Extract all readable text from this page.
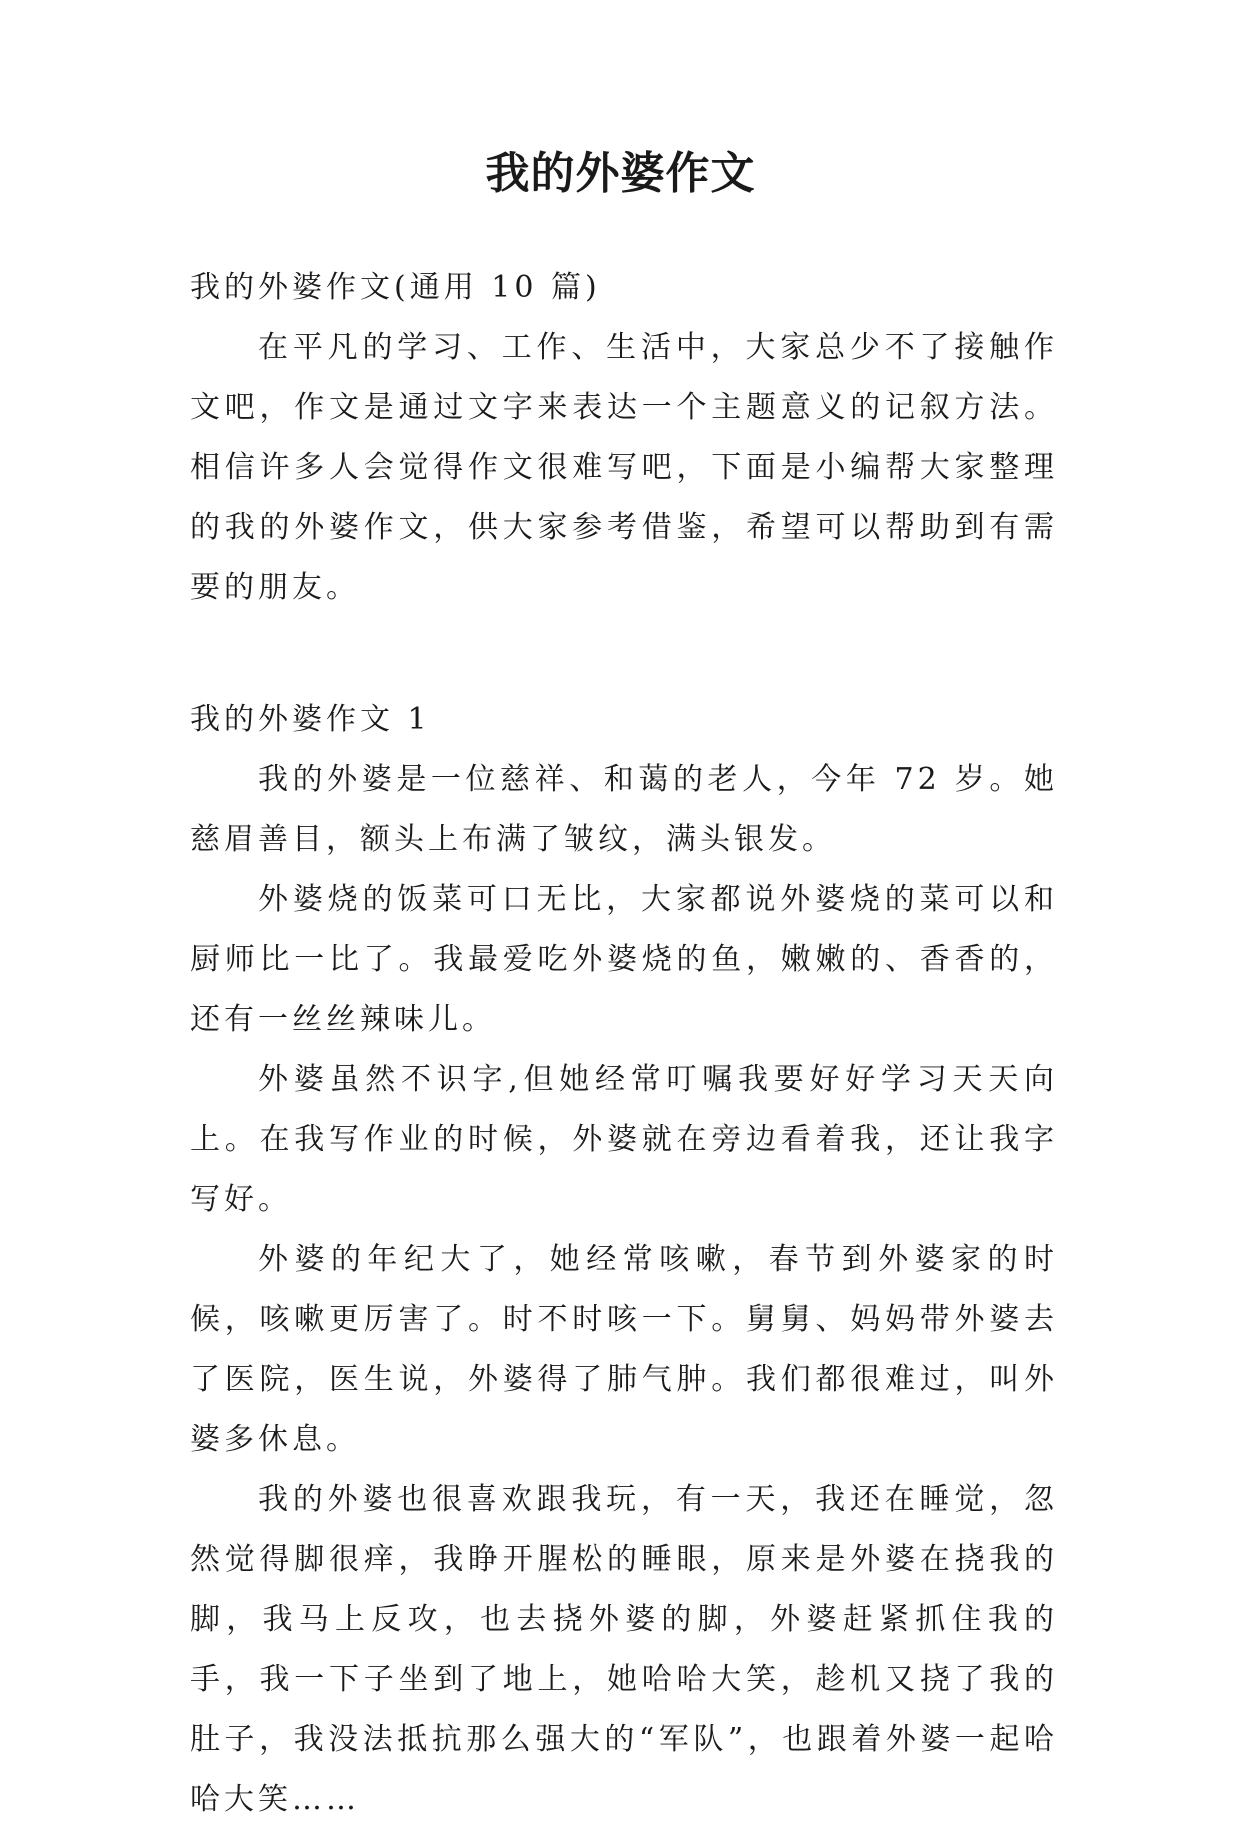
我的外婆作文

我的外婆作文(通用 10 篇)

在平凡的学习、工作、生活中，大家总少不了接触作文吧，作文是通过文字来表达一个主题意义的记叙方法。相信许多人会觉得作文很难写吧，下面是小编帮大家整理的我的外婆作文，供大家参考借鉴，希望可以帮助到有需要的朋友。

我的外婆作文 1

我的外婆是一位慈祥、和蔼的老人，今年 72 岁。她慈眉善目，额头上布满了皱纹，满头银发。

外婆烧的饭菜可口无比，大家都说外婆烧的菜可以和厨师比一比了。我最爱吃外婆烧的鱼，嫩嫩的、香香的，还有一丝丝辣味儿。

外婆虽然不识字,但她经常叮嘱我要好好学习天天向上。在我写作业的时候，外婆就在旁边看着我，还让我字写好。

外婆的年纪大了，她经常咳嗽，春节到外婆家的时候，咳嗽更厉害了。时不时咳一下。舅舅、妈妈带外婆去了医院，医生说，外婆得了肺气肿。我们都很难过，叫外婆多休息。

我的外婆也很喜欢跟我玩，有一天，我还在睡觉，忽然觉得脚很痒，我睁开腥松的睡眼，原来是外婆在挠我的脚，我马上反攻，也去挠外婆的脚，外婆赶紧抓住我的手，我一下子坐到了地上，她哈哈大笑，趁机又挠了我的肚子，我没法抵抗那么强大的“军队”，也跟着外婆一起哈哈大笑……
